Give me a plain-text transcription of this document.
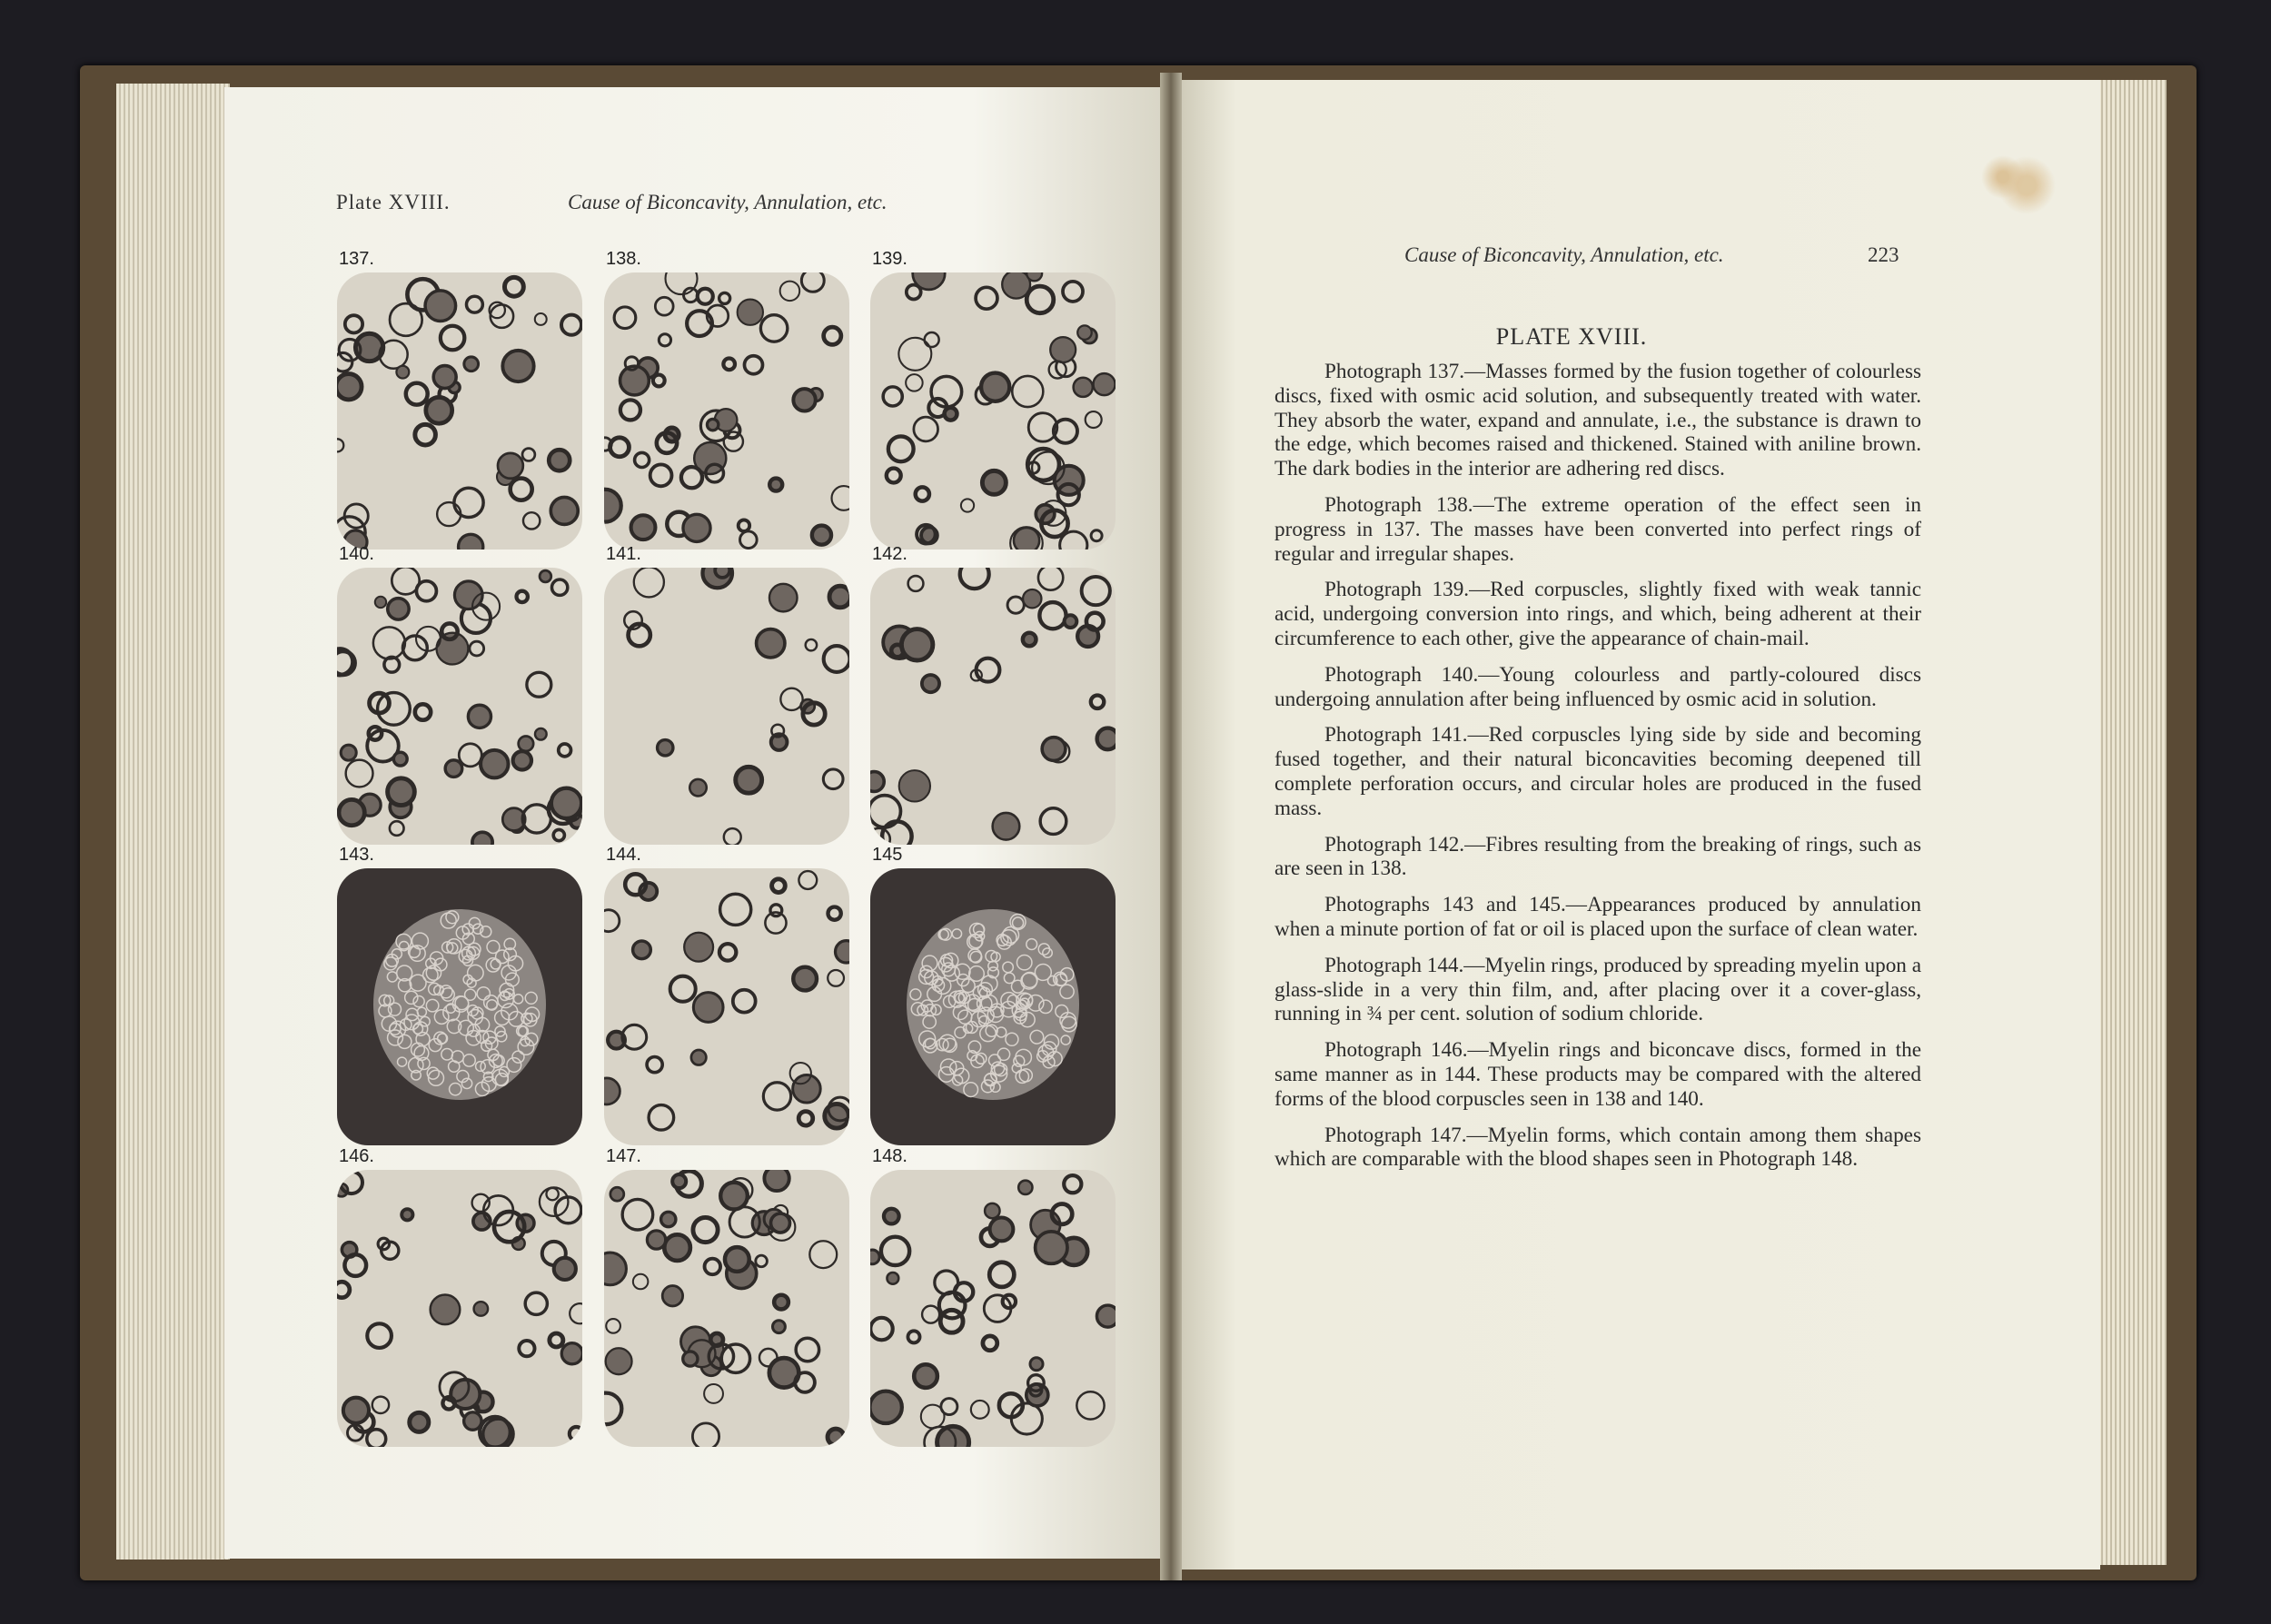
Plate XVIII.	Cause of Biconcavity, Annulation, etc.
137.	138.	139.
140.	141.	142.
143.	144.	145
146.	147.	148.
Cause of Biconcavity, Annulation, etc.	223
PLATE XVIII.

Photograph 137.—Masses formed by the fusion together of colourless discs, fixed with osmic acid solution, and subsequently treated with water. They absorb the water, expand and annulate, i.e., the substance is drawn to the edge, which becomes raised and thickened. Stained with aniline brown. The dark bodies in the interior are adhering red discs.

Photograph 138.—The extreme operation of the effect seen in progress in 137. The masses have been converted into perfect rings of regular and irregular shapes.

Photograph 139.—Red corpuscles, slightly fixed with weak tannic acid, undergoing conversion into rings, and which, being adherent at their circumference to each other, give the appearance of chain-mail.

Photograph 140.—Young colourless and partly-coloured discs undergoing annulation after being influenced by osmic acid in solution.

Photograph 141.—Red corpuscles lying side by side and becoming fused together, and their natural biconcavities becoming deepened till complete perforation occurs, and circular holes are produced in the fused mass.

Photograph 142.—Fibres resulting from the breaking of rings, such as are seen in 138.

Photographs 143 and 145.—Appearances produced by annulation when a minute portion of fat or oil is placed upon the surface of clean water.

Photograph 144.—Myelin rings, produced by spreading myelin upon a glass-slide in a very thin film, and, after placing over it a cover-glass, running in ¾ per cent. solution of sodium chloride.

Photograph 146.—Myelin rings and biconcave discs, formed in the same manner as in 144. These products may be compared with the altered forms of the blood corpuscles seen in 138 and 140.

Photograph 147.—Myelin forms, which contain among them shapes which are comparable with the blood shapes seen in Photograph 148.
